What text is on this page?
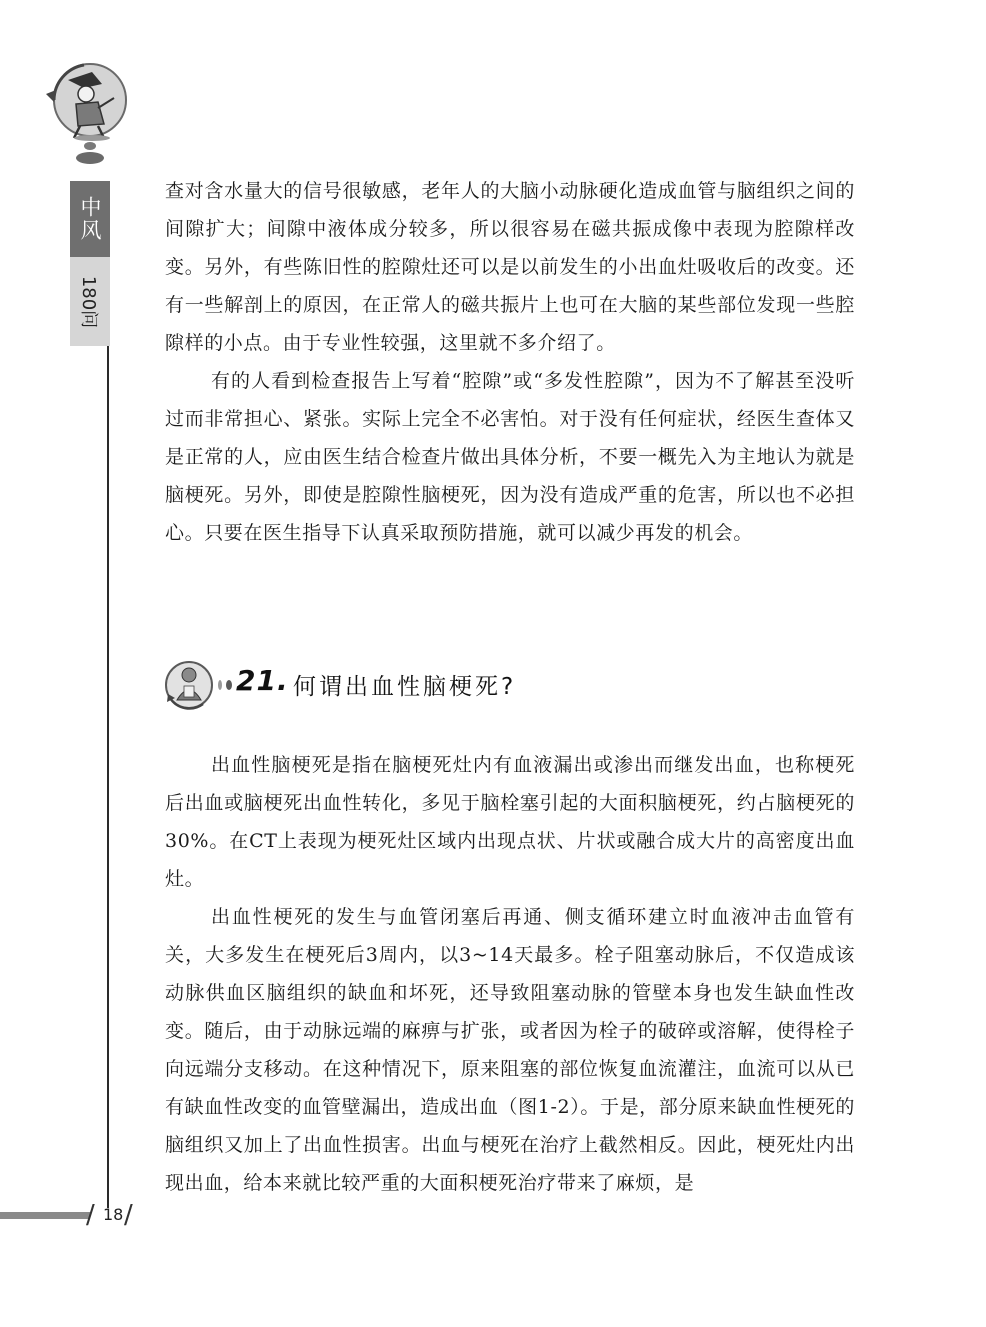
中风
180问

查对含水量大的信号很敏感，老年人的大脑小动脉硬化造成血管与脑组织之间的间隙扩大；间隙中液体成分较多，所以很容易在磁共振成像中表现为腔隙样改变。另外，有些陈旧性的腔隙灶还可以是以前发生的小出血灶吸收后的改变。还有一些解剖上的原因，在正常人的磁共振片上也可在大脑的某些部位发现一些腔隙样的小点。由于专业性较强，这里就不多介绍了。

有的人看到检查报告上写着“腔隙”或“多发性腔隙”，因为不了解甚至没听过而非常担心、紧张。实际上完全不必害怕。对于没有任何症状，经医生查体又是正常的人，应由医生结合检查片做出具体分析，不要一概先入为主地认为就是脑梗死。另外，即使是腔隙性脑梗死，因为没有造成严重的危害，所以也不必担心。只要在医生指导下认真采取预防措施，就可以减少再发的机会。

21. 何谓出血性脑梗死?

出血性脑梗死是指在脑梗死灶内有血液漏出或渗出而继发出血，也称梗死后出血或脑梗死出血性转化，多见于脑栓塞引起的大面积脑梗死，约占脑梗死的30%。在CT上表现为梗死灶区域内出现点状、片状或融合成大片的高密度出血灶。

出血性梗死的发生与血管闭塞后再通、侧支循环建立时血液冲击血管有关，大多发生在梗死后3周内，以3~14天最多。栓子阻塞动脉后，不仅造成该动脉供血区脑组织的缺血和坏死，还导致阻塞动脉的管壁本身也发生缺血性改变。随后，由于动脉远端的麻痹与扩张，或者因为栓子的破碎或溶解，使得栓子向远端分支移动。在这种情况下，原来阻塞的部位恢复血流灌注，血流可以从已有缺血性改变的血管壁漏出，造成出血（图1-2）。于是，部分原来缺血性梗死的脑组织又加上了出血性损害。出血与梗死在治疗上截然相反。因此，梗死灶内出现出血，给本来就比较严重的大面积梗死治疗带来了麻烦，是

/ 18 /
